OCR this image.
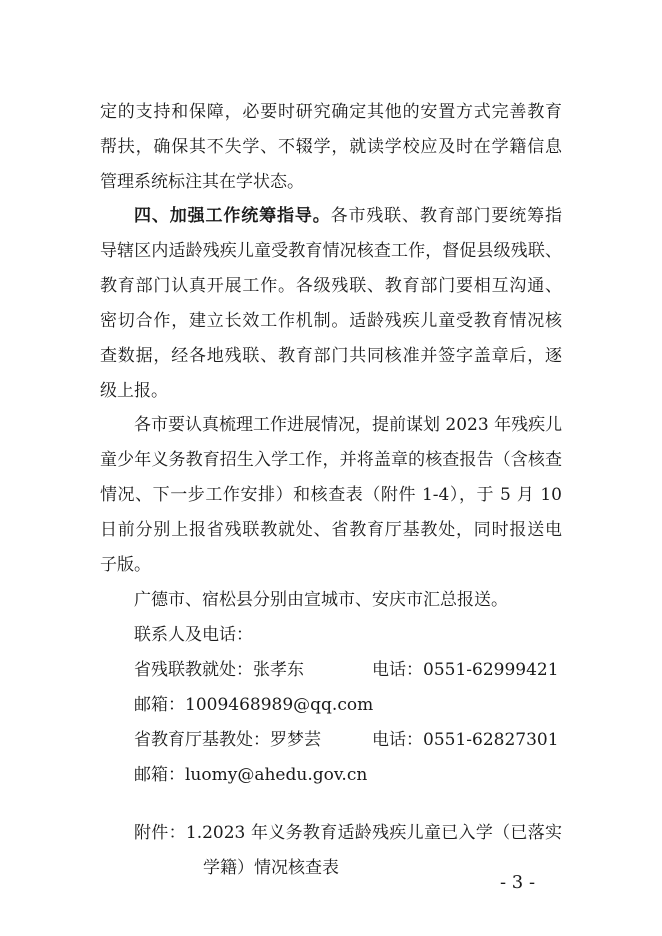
定的支持和保障，必要时研究确定其他的安置方式完善教育
帮扶，确保其不失学、不辍学，就读学校应及时在学籍信息
管理系统标注其在学状态。
四、加强工作统筹指导。各市残联、教育部门要统筹指
导辖区内适龄残疾儿童受教育情况核查工作，督促县级残联、
教育部门认真开展工作。各级残联、教育部门要相互沟通、
密切合作，建立长效工作机制。适龄残疾儿童受教育情况核
查数据，经各地残联、教育部门共同核准并签字盖章后，逐
级上报。
各市要认真梳理工作进展情况，提前谋划 2023 年残疾儿
童少年义务教育招生入学工作，并将盖章的核查报告（含核查
情况、下一步工作安排）和核查表（附件 1-4），于 5 月 10
日前分别上报省残联教就处、省教育厅基教处，同时报送电
子版。
广德市、宿松县分别由宣城市、安庆市汇总报送。
联系人及电话：
省残联教就处：张孝东	电话：0551-62999421
邮箱：1009468989@qq.com
省教育厅基教处：罗梦芸	电话：0551-62827301
邮箱：luomy@ahedu.gov.cn
附件：1.2023 年义务教育适龄残疾儿童已入学（已落实
学籍）情况核查表
- 3 -
